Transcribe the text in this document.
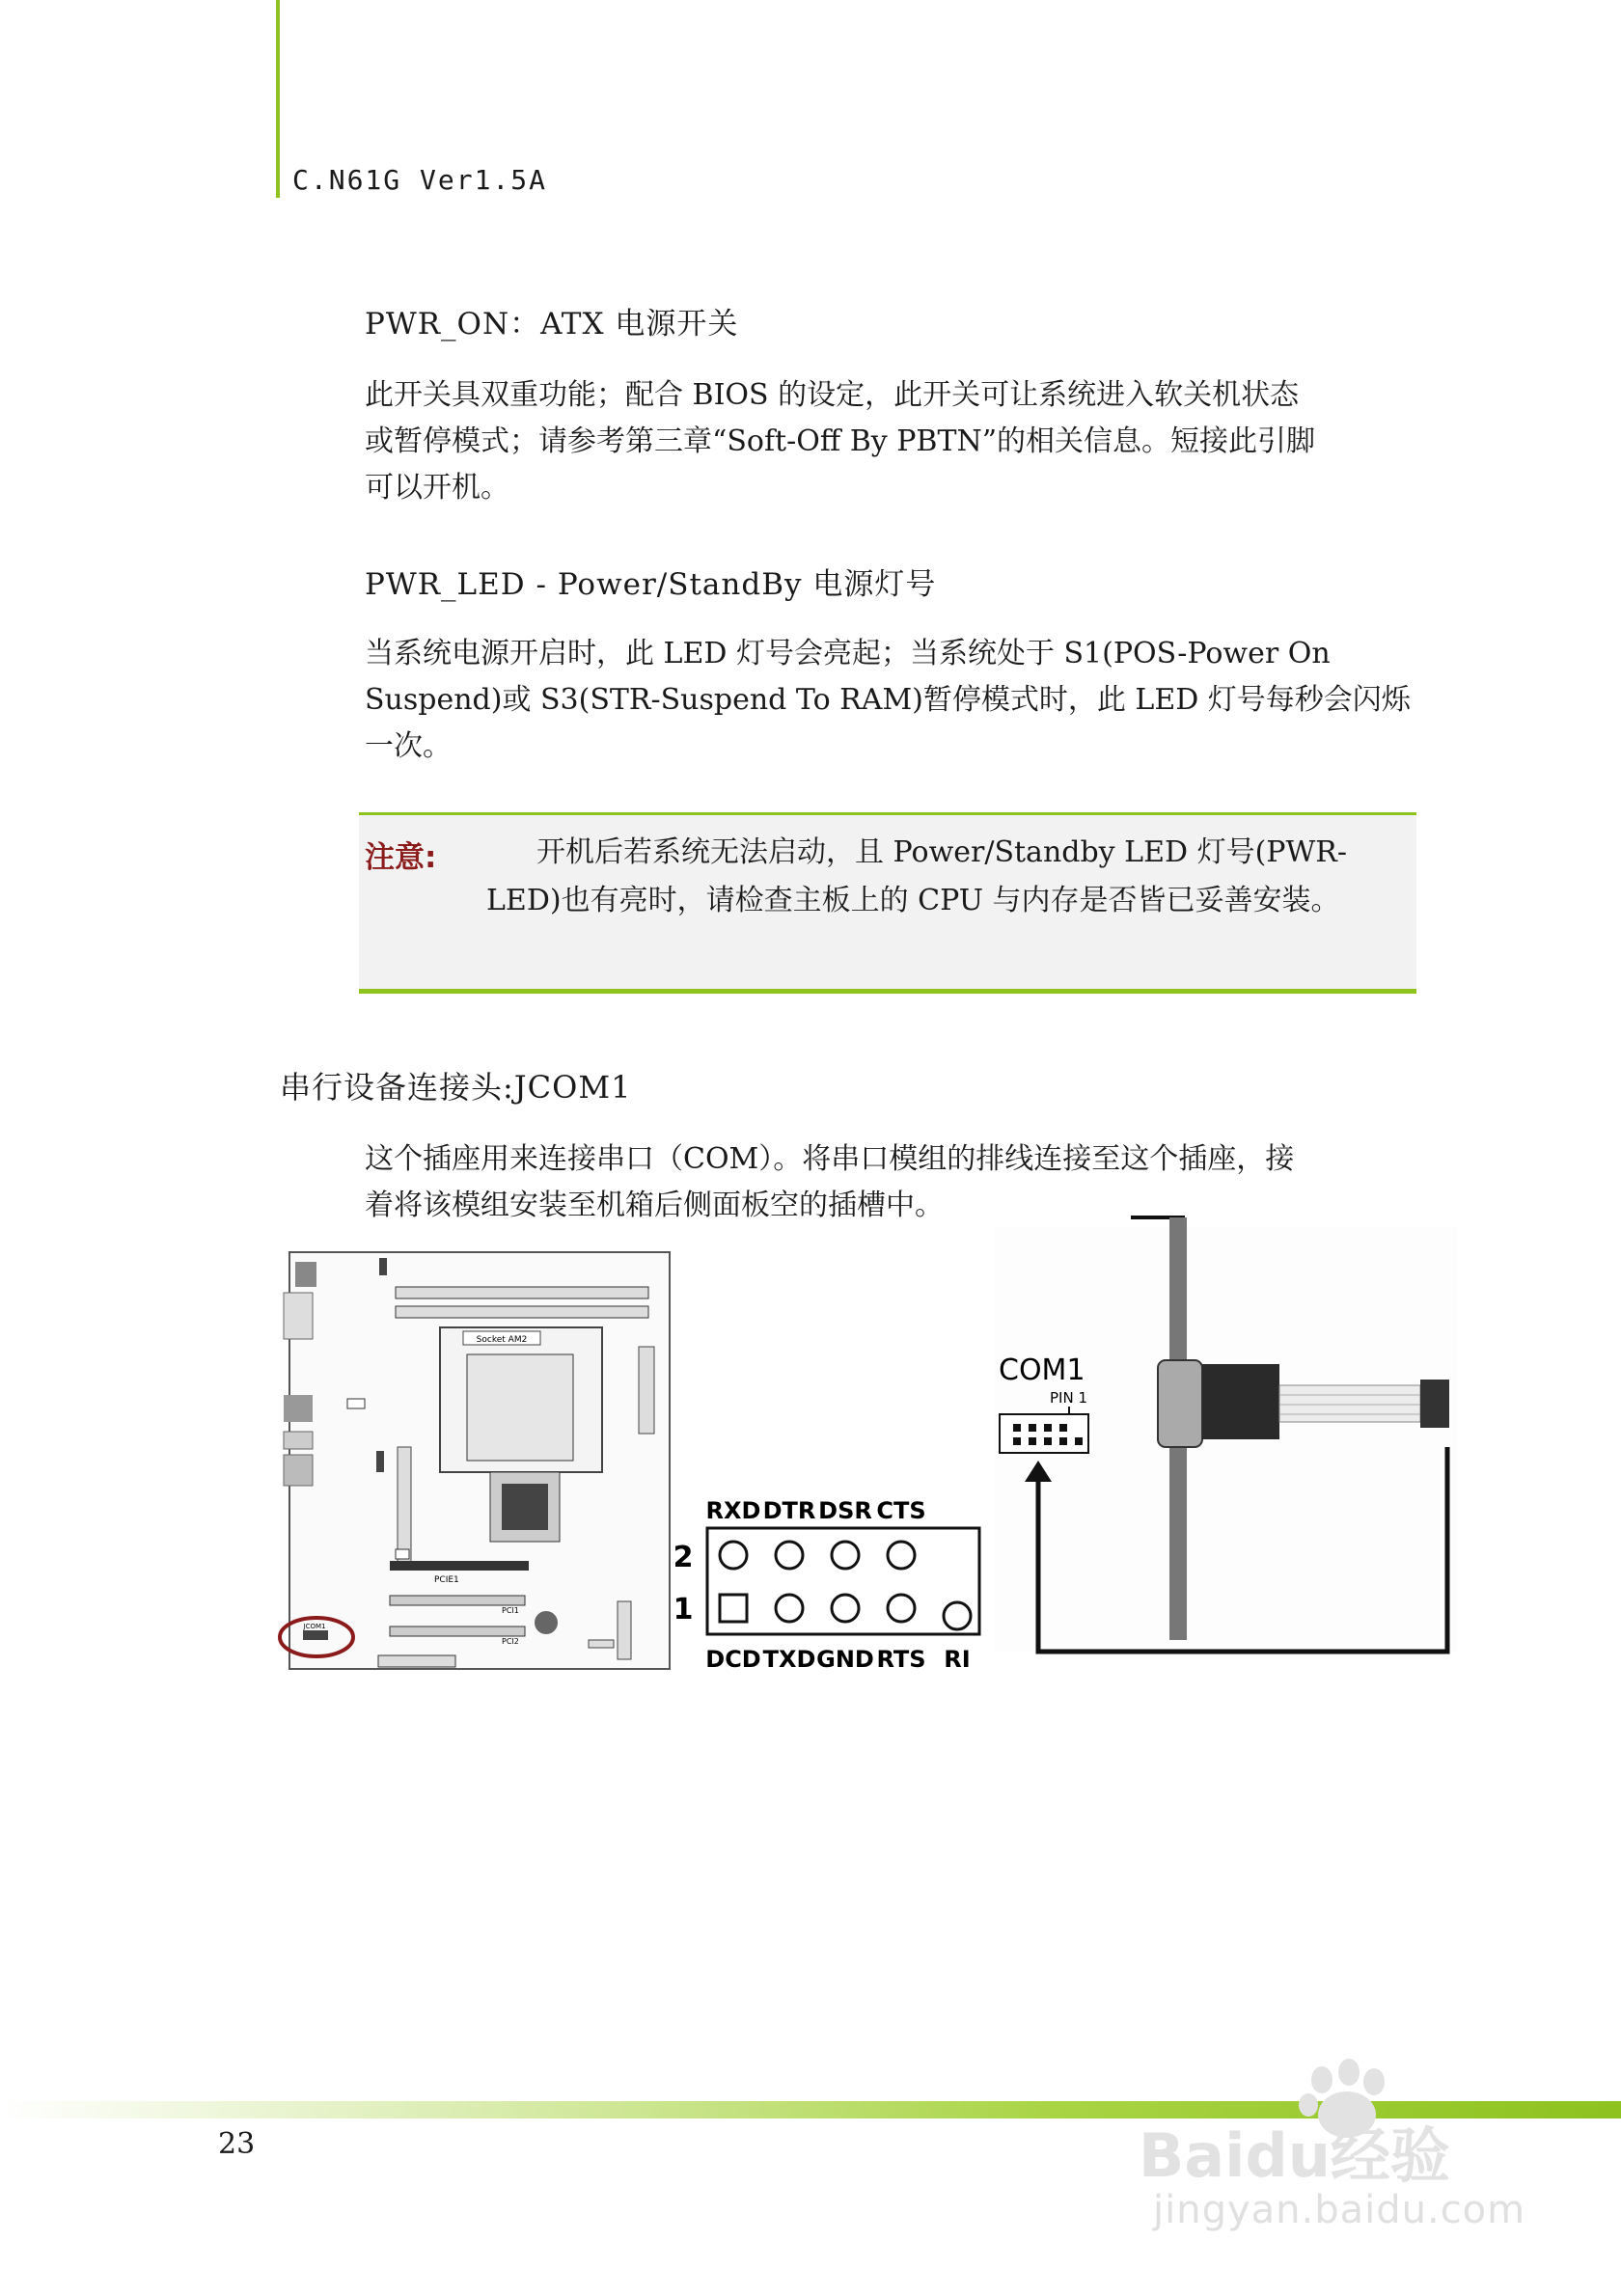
C.N61G Ver1.5A
PWR_ON：ATX 电源开关
此开关具双重功能；配合 BIOS 的设定，此开关可让系统进入软关机状态
或暂停模式；请参考第三章“Soft-Off By PBTN”的相关信息。短接此引脚
可以开机。
PWR_LED - Power/StandBy 电源灯号
当系统电源开启时，此 LED 灯号会亮起；当系统处于 S1(POS-Power On
Suspend)或 S3(STR-Suspend To RAM)暂停模式时，此 LED 灯号每秒会闪烁
一次。
注意:	开机后若系统无法启动，且 Power/Standby LED 灯号(PWR-LED)也有亮时，请检查主板上的 CPU 与内存是否皆已妥善安装。
串行设备连接头:JCOM1
这个插座用来连接串口（COM）。将串口模组的排线连接至这个插座，接
着将该模组安装至机箱后侧面板空的插槽中。
Socket AM2
PCIE1
PCI1
PCI2
JCOM1
RXD DTR DSR CTS
2
1
DCD TXD GND RTS RI
COM1
PIN 1
23	Baidu经验
jingyan.baidu.com
